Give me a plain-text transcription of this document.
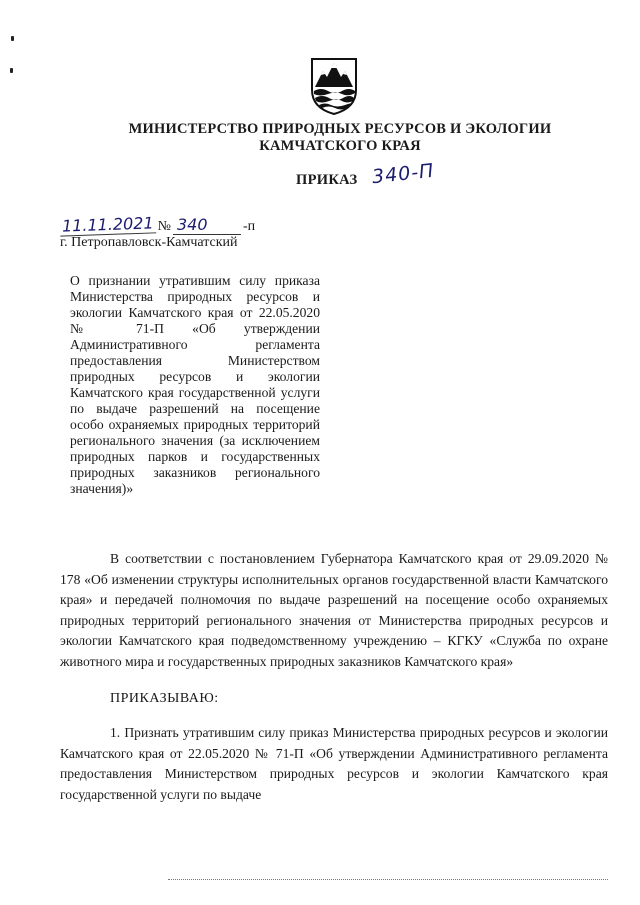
МИНИСТЕРСТВО ПРИРОДНЫХ РЕСУРСОВ И ЭКОЛОГИИ
КАМЧАТСКОГО КРАЯ
ПРИКАЗ 340-П
11.11.2021 № 340	-п
г. Петропавловск-Камчатский
О признании утратившим силу приказа Министерства природных ресурсов и экологии Камчатского края от 22.05.2020 № 71-П «Об утверждении Административного регламента предоставления Министерством природных ресурсов и экологии Камчатского края государственной услуги по выдаче разрешений на посещение особо охраняемых природных территорий регионального значения (за исключением природных парков и государственных природных заказников регионального значения)»

В соответствии с постановлением Губернатора Камчатского края от 29.09.2020 № 178 «Об изменении структуры исполнительных органов государственной власти Камчатского края» и передачей полномочия по выдаче разрешений на посещение особо охраняемых природных территорий регионального значения от Министерства природных ресурсов и экологии Камчатского края подведомственному учреждению – КГКУ «Служба по охране животного мира и государственных природных заказников Камчатского края»

ПРИКАЗЫВАЮ:

1. Признать утратившим силу приказ Министерства природных ресурсов и экологии Камчатского края от 22.05.2020 № 71-П «Об утверждении Административного регламента предоставления Министерством природных ресурсов и экологии Камчатского края государственной услуги по выдаче
